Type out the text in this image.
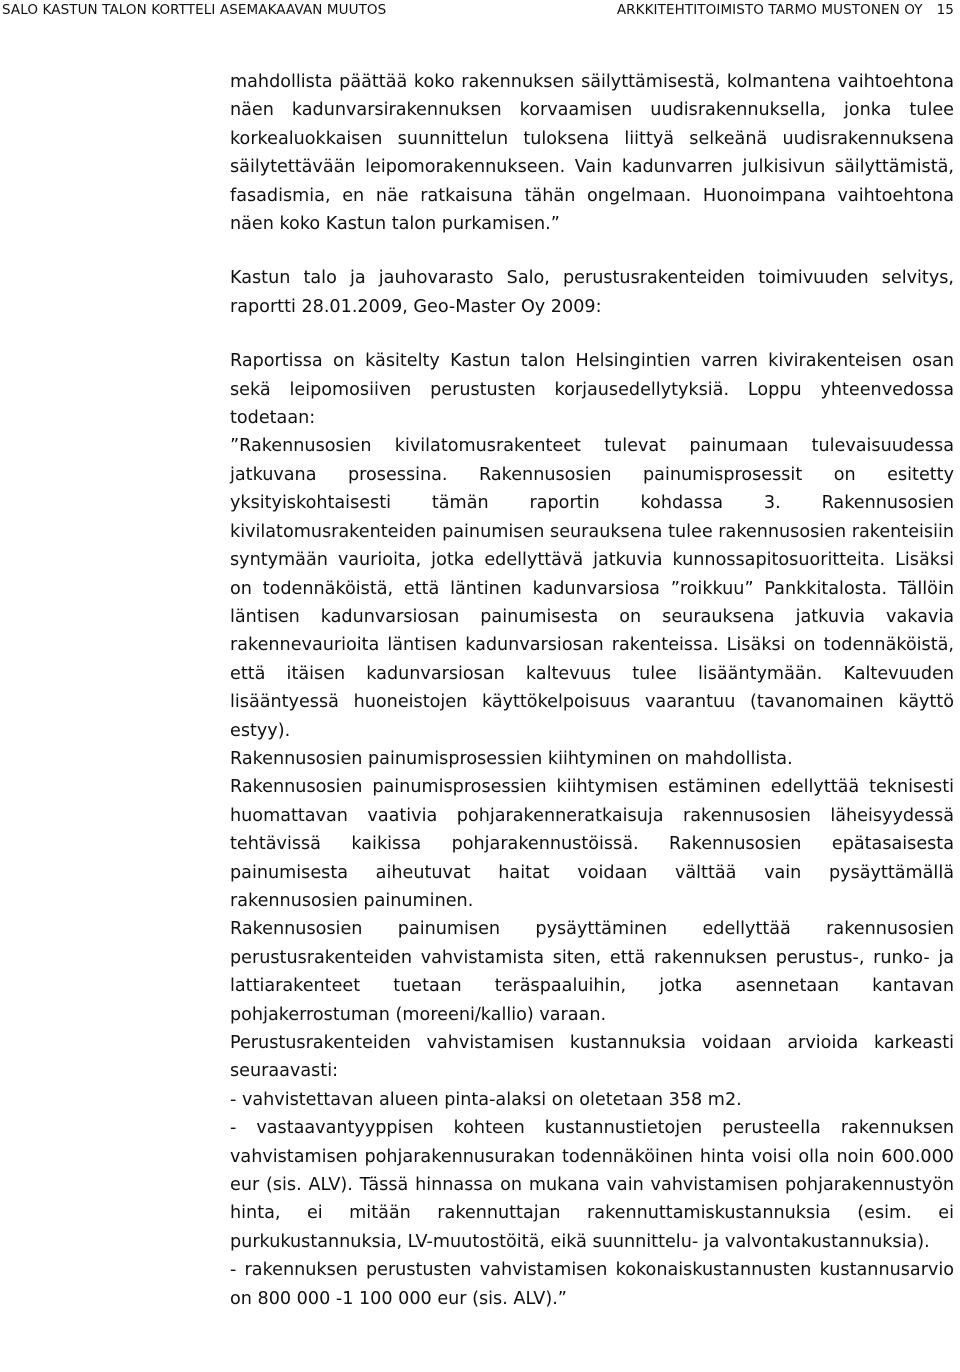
SALO KASTUN TALON KORTTELI ASEMAKAAVAN MUUTOS	ARKKITEHTITOIMISTO TARMO MUSTONEN OY 15

mahdollista päättää koko rakennuksen säilyttämisestä, kolmantena vaihtoehtona näen kadunvarsirakennuksen korvaamisen uudisrakennuksella, jonka tulee korkealuokkaisen suunnittelun tuloksena liittyä selkeänä uudisrakennuksena säilytettävään leipomorakennukseen. Vain kadunvarren julkisivun säilyttämistä, fasadismia, en näe ratkaisuna tähän ongelmaan. Huonoimpana vaihtoehtona näen koko Kastun talon purkamisen.”

Kastun talo ja jauhovarasto Salo, perustusrakenteiden toimivuuden selvitys, raportti 28.01.2009, Geo-Master Oy 2009:

Raportissa on käsitelty Kastun talon Helsingintien varren kivirakenteisen osan sekä leipomosiiven perustusten korjausedellytyksiä. Loppu yhteenvedossa todetaan:

”Rakennusosien kivilatomusrakenteet tulevat painumaan tulevaisuudessa jatkuvana prosessina. Rakennusosien painumisprosessit on esitetty yksityiskohtaisesti tämän raportin kohdassa 3. Rakennusosien kivilatomusrakenteiden painumisen seurauksena tulee rakennusosien rakenteisiin syntymään vaurioita, jotka edellyttävä jatkuvia kunnossapitosuoritteita. Lisäksi on todennäköistä, että läntinen kadunvarsiosa ”roikkuu” Pankkitalosta. Tällöin läntisen kadunvarsiosan painumisesta on seurauksena jatkuvia vakavia rakennevaurioita läntisen kadunvarsiosan rakenteissa. Lisäksi on todennäköistä, että itäisen kadunvarsiosan kaltevuus tulee lisääntymään. Kaltevuuden lisääntyessä huoneistojen käyttökelpoisuus vaarantuu (tavanomainen käyttö estyy).

Rakennusosien painumisprosessien kiihtyminen on mahdollista.

Rakennusosien painumisprosessien kiihtymisen estäminen edellyttää teknisesti huomattavan vaativia pohjarakenneratkaisuja rakennusosien läheisyydessä tehtävissä kaikissa pohjarakennustöissä. Rakennusosien epätasaisesta painumisesta aiheutuvat haitat voidaan välttää vain pysäyttämällä rakennusosien painuminen.

Rakennusosien painumisen pysäyttäminen edellyttää rakennusosien perustusrakenteiden vahvistamista siten, että rakennuksen perustus-, runko- ja lattiarakenteet tuetaan teräspaaluihin, jotka asennetaan kantavan pohjakerrostuman (moreeni/kallio) varaan.

Perustusrakenteiden vahvistamisen kustannuksia voidaan arvioida karkeasti seuraavasti:

- vahvistettavan alueen pinta-alaksi on oletetaan 358 m2.

- vastaavantyyppisen kohteen kustannustietojen perusteella rakennuksen vahvistamisen pohjarakennusurakan todennäköinen hinta voisi olla noin 600.000 eur (sis. ALV). Tässä hinnassa on mukana vain vahvistamisen pohjarakennustyön hinta, ei mitään rakennuttajan rakennuttamiskustannuksia (esim. ei purkukustannuksia, LV-muutostöitä, eikä suunnittelu- ja valvontakustannuksia).

- rakennuksen perustusten vahvistamisen kokonaiskustannusten kustannusarvio on 800 000 -1 100 000 eur (sis. ALV).”
